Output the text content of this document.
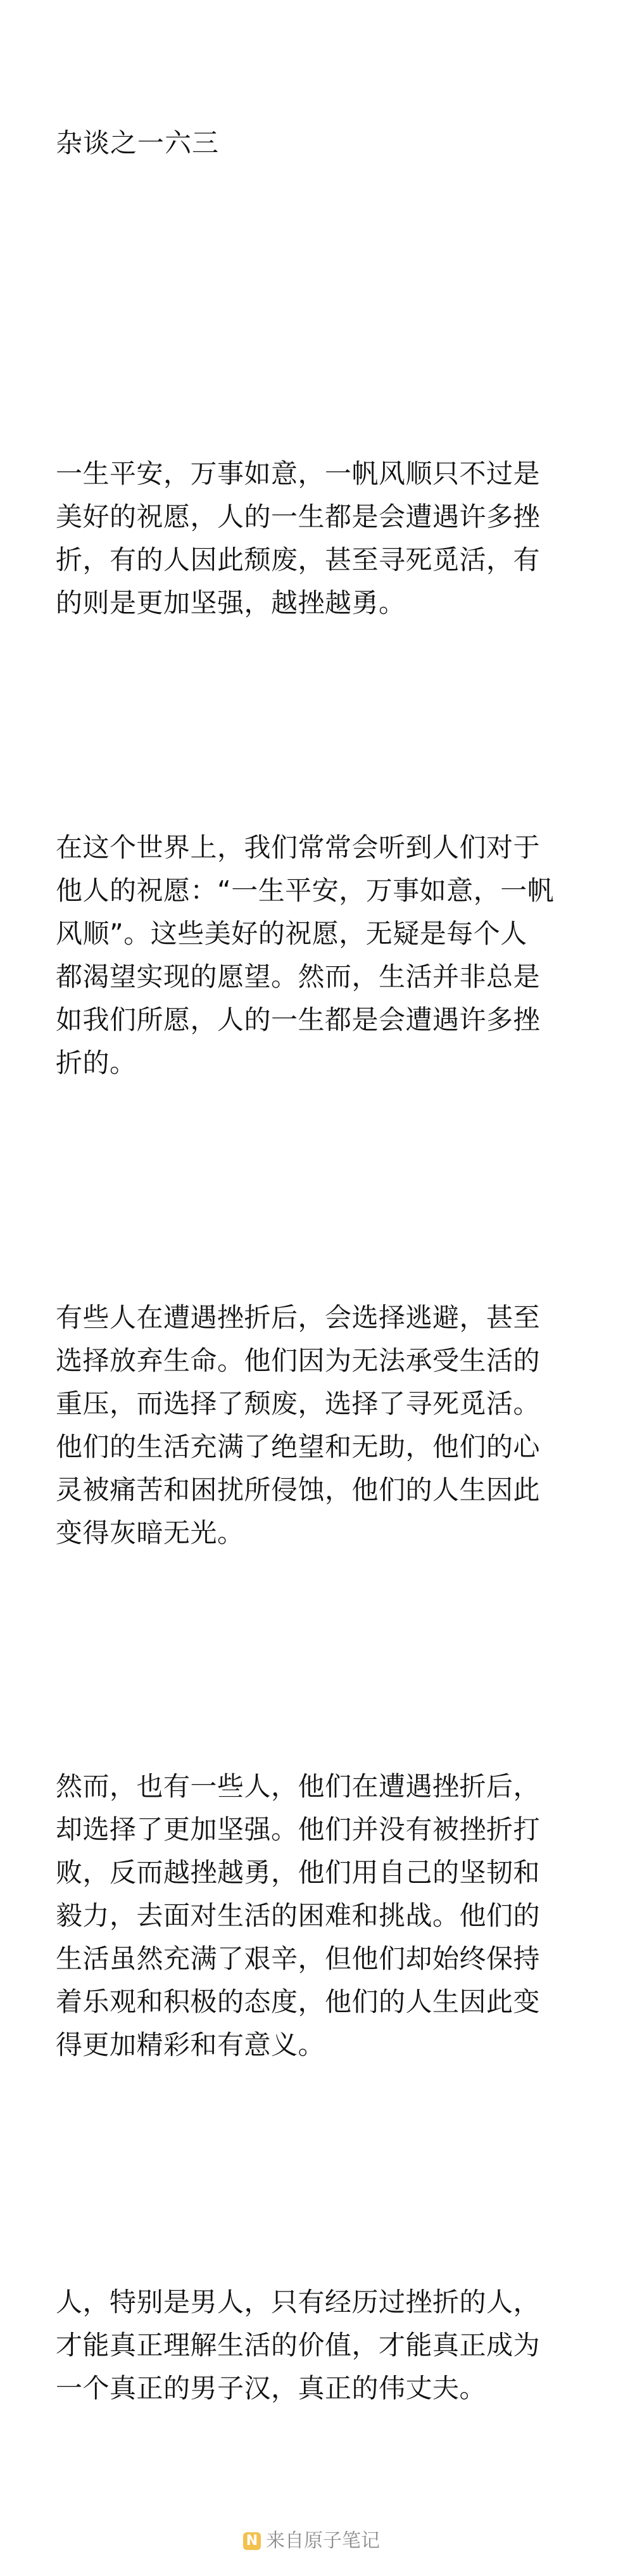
杂谈之一六三

一生平安，万事如意，一帆风顺只不过是
美好的祝愿，人的一生都是会遭遇许多挫
折，有的人因此颓废，甚至寻死觅活，有
的则是更加坚强，越挫越勇。

在这个世界上，我们常常会听到人们对于
他人的祝愿：“一生平安，万事如意，一帆
风顺”。这些美好的祝愿，无疑是每个人
都渴望实现的愿望。然而，生活并非总是
如我们所愿，人的一生都是会遭遇许多挫
折的。

有些人在遭遇挫折后，会选择逃避，甚至
选择放弃生命。他们因为无法承受生活的
重压，而选择了颓废，选择了寻死觅活。
他们的生活充满了绝望和无助，他们的心
灵被痛苦和困扰所侵蚀，他们的人生因此
变得灰暗无光。

然而，也有一些人，他们在遭遇挫折后，
却选择了更加坚强。他们并没有被挫折打
败，反而越挫越勇，他们用自己的坚韧和
毅力，去面对生活的困难和挑战。他们的
生活虽然充满了艰辛，但他们却始终保持
着乐观和积极的态度，他们的人生因此变
得更加精彩和有意义。

人，特别是男人，只有经历过挫折的人，
才能真正理解生活的价值，才能真正成为
一个真正的男子汉，真正的伟丈夫。

N 来自原子笔记
